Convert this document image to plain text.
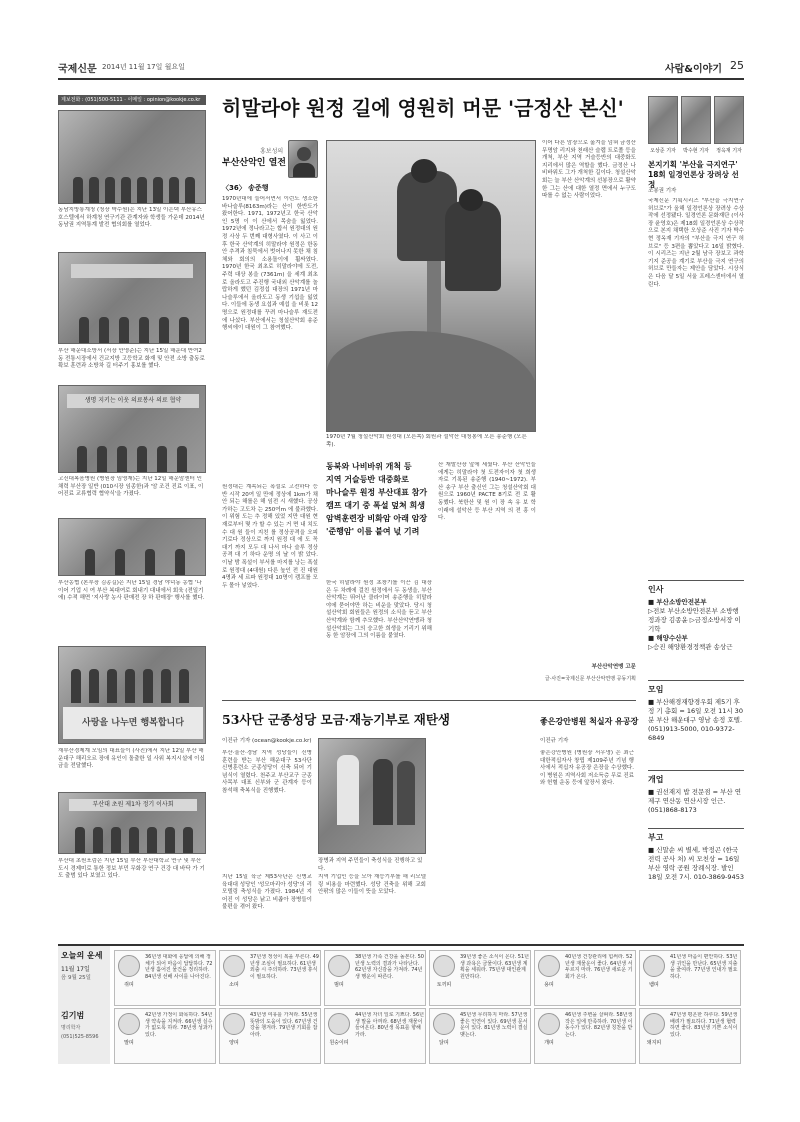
국제신문 2014년 11월 17일 월요일	사람&이야기 25
제보전화 : (051)500-5111 · 이메일 : opinion@kookje.co.kr
동남지방통계청 (청장 박수원)은 지난 13일 이은택 부산유스호스텔에서 하계청 연구기관 관계자와 학생들 가운데 2014년 동남권 지역통계 발전 협의회를 열었다.
부산 해운대소방서 (서장 안영준)는 지난 15일 해운대 반여2동 전통시장에서 건교지방 고등학교 화재 및 안전 소방 출동로 확보 훈련과 소방차 길 터주기 홍보를 했다.
생명 지키는 이웃 의료봉사 의료 협약
고신대복음병원 (병원장 임영재)는 지난 12일 해운암센터 인채력 부산장 일반 (010시장 임종한)과 '암 조건 진료 이표, 이어진료 교류협력 협약식'을 가졌다.
부산농협 (본부장 김종길)은 지난 15일 경남 야덕동 농협 '나이어 기업 시 여 부산 복대여로 회내기 대내에서 회육 (전일기에) 수적 해면 '지사랑 농사 판매전 장 하 판매장' 행사를 했다.
사랑을 나누면 행복합니다
재부산경제계 모임의 대표들이 (사진)에서 지난 12일 부산 해운대구 해리오르 장애 유인이 돌출한 일 사위 복지시설에 이십 금을 전달했다.
부산대 초원 제1차 정기 이사회
부산대 초원포럼은 지난 15일 부산 부산대학교 연구 및 부산도시 경제미로 통한 정보 부민 무화강 연구 건강 대 바닥 가 기도 출범 있다 보였고 있다.
히말라야 원정 길에 영원히 머문 '금정산 본신'
홍보성의
부산산악인 열전
〈36〉 송준행
1970년대에 들어서면서 이런도 생소한 바나슬루(8163m)라는 산이 한반도가 왔어한다. 1971, 1972년고 한국 산악인 5명 이 이 산에서 목숨을 잃었다. 1972년에 정나라고는 합서 원정대의 원정 사상 두 번째 대형사였다. 이 사고 이후 한국 산악계의 히말라야 원정은 한동안 추격과 침묵에서 벗어나지 못한 채 침체와 회의의 소용돌이에 휩싸였다. 1970년 한국 최초로 히말라야에 도전, 주력 대상 봉을 (7361m) 을 세계 최초로 올라도고 주진행 국내외 산악계를 놀랍하게 했던 김정섭 대장의 1971년 마나슬루에서 올라도고 동생 기섭을 잃었다. 이들에 동생 요섭과 예섭 을 비롯 12명으로 원정대를 꾸려 마나슬루 재도전에 나섰다. 부산에서는 청설산악회 송준행씨에이 대원이 그 참여했다.
원정대는 계속되는 폭설로 고전하다 등반 시작 20여 일 만에 정상에 1km가 채 안 되는 해를은 해 임전 시 새했다. 공상가하는 고도차 는 250여m 에 불과했다. 이 위험 도는 추 정해 있었 지만 대원 현재로부터 몇 가 할 수 있는 거 면 내 치도 수 대 원 들이 지친 를 정상공격을 오피 기로다 정상으로 까지 원정 대 에 도 꼭 대기 까지 모두 대 나서 마나 슬루 정상 공격 대 기 하다 운명 의 날 이 밝 았다. 이날 밤 폭설이 부서를 마지를 낭는 폭설로 원정대 (4대원) 다른 높인 전 진 대원 4명과 세 르파 원정대 10명이 캠프를 모두 몰아 넣었다.
1970년 7월 청설산악회 원정대 (오른쪽) 회원과 설악산 대청봉에 오른 송준행 (오른쪽).
동북와 나비바위 개척 등
지역 거슬등반 대중화로
마나슬루 원정 부산대표 참가
캠프 대기 중 폭설 덮쳐 희생
암벽훈련장 비화암 아래 암장
'준행암' 이름 붙여 넋 기려
한국 히말라야 원정 초창기를 이끈 김 대장은 두 차례에 걸친 원정에서 두 동생을, 부산 산악계는 뛰어난 클라이머 송준행을 히말라야에 묻어야만 하는 비운을 맞았다. 당시 청설산악회 회원들은 원정의 소식을 듣고 부산 산악계와 함께 추모했다. 부산산악연맹과 청설산악회는 그의 숭고한 희생을 기리기 위해 동 한 암장에 그의 이름을 붙였다.
산 재발산장 앞에 세웠다. 부산 산악인들에게는 히말라야 첫 도전자이자 첫 희생자로 기록된 송준행 (1940~1972). 부산 송구 부산 출신인 그는 청설산악회 대원으로 1960년 PACTE 8기로 전 로 활동했다. 북한산 및 원 이 장 속 유 보 학 이래에 설악산 등 부산 지역 의 전 흥 이 다.
이어 다른 암장으로 옮겨을 넘혀 금정산 무명암 리지와 천래산 슬랩 트로폴 등을 개척, 부산 지역 거슬등반의 대중화도 지리에서 많은 역할을 했다. 금정산 나비바위도 그가 개척한 길이다. 청설산악회는 늘 부산 산악계의 선봉장으로 활약한 그는 산에 대한 열정 면에서 누구도 따를 수 없는 사람이었다.
부산산악연맹 고문
글·사진=국제신문 부산산악연맹 공동기획
53사단 군종성당 모금·재능기부로 재탄생
이진규 기자 (ocean@kookje.co.kr)
부산·울산·경남 지역 성당들이 신병 훈련을 받는 부산 해운대구 53사단 신병훈련소 군종성당이 신축 되어 기념식이 열렸다. 천주교 부산교구 군종 사목부 대표 신부와 군 관계자 등이 참석해 축복식을 진행했다.
지난 15일 육군 제53사단은 신병교육대대 성당인 '성모마리아 성당'의 리모델링 축성식을 가졌다. 1984년 지어진 이 성당은 낡고 비좁아 장병들이 불편을 겪어 왔다.
장병과 지역 주민들이 축성식을 진행하고 있다.
지역 기업인 등을 모아 재능기부를 해 리모델링 비용을 마련했다. 성당 건축을 위해 교회 안팎의 많은 이들이 뜻을 모았다.
좋은강안병원 척실자 유공장
이진규 기자
좋은강안병원 (병원장 서우영) 은 최근 대한적십자사 창립 제109주년 기념 행사에서 적십자 유공장 은장을 수상했다. 이 병원은 지역사회 저소득층 무료 진료와 헌혈 운동 등에 앞장서 왔다.
오상준 기자	박수현 기자	정옥재 기자
본지기획 '부산을 극지연구' 18회 일경언론상 장려상 선정
조봉권 기자
국제신문 기획시리즈 "부산을 극지연구 허브로"가 올해 일경언론상 장려상 수상작에 선정됐다. 일경언론 문화재단 (이사장 윤영호)은 제18회 일경언론상 수상작으로 본지 채택한 오상준 사진 기자 박수현 정옥재 기자의 "부산을 극지 연구 허브로" 등 3편을 뽑았다고 16일 밝혔다. 이 시리즈는 지난 2월 남극 장보고 과학기지 준공을 계기로 부산을 극지 연구의 허브로 만들자는 제안을 담았다. 시상식은 다음 달 5일 서울 프레스센터에서 열린다.
인사
■ 부산소방안전본부
▷전보 부산소방안전본부 소방행정과장 김종윤 ▷금정소방서장 이기학
■ 해양수산부
▷승진 해양환경정책관 송상근
모임
■ 부산해경재향경우회 제5기 후 정 기 총회 = 16일 오전 11시 30분 부산 해운대구 영남 송정 호텔. (051)913-5000, 010-9372-6849
개업
■ 권선재지 밥 전문점 = 부산 연제구 연산동 연산시장 인근. (051)868-8173
부고
■ 신말순 씨 별세, 박정곤 (한국 전력 공사 처) 씨 모친상 = 16일 부산 영락 공원 장례식장. 발인 18일 오전 7시. 010-3869-9453
오늘의 운세
11월 17일
음 9월 25일
김기범
명리학자
(051)525-8596
쥐띠
36년생 대화에 응답에 의해 정 체가 되어 마음이 답답하다. 72년생 흩어진 물건을 정리하라. 84년생 선배 사이를 나아진다.
소띠
37년생 정성이 복을 부른다. 49년생 조심이 필요하다. 61년생 외출 시 주의하라. 73년생 휴식이 필요하다.
범띠
38년생 가족 건강을 돌본다. 50년생 노력의 결과가 나타난다. 62년생 자신감을 가져라. 74년생 행운이 따른다.
토끼띠
39년생 좋은 소식이 온다. 51년생 과욕은 금물이다. 63년생 계획을 세워라. 75년생 대인관계 원만하다.
용띠
40년생 건강관리에 힘써라. 52년생 재물운이 좋다. 64년생 서두르지 마라. 76년생 새로운 기회가 온다.
뱀띠
41년생 마음이 편안하다. 53년생 귀인을 만난다. 65년생 지출을 줄여라. 77년생 인내가 필요하다.
말띠
42년생 가정이 화목하다. 54년생 약속을 지켜라. 66년생 실수가 없도록 하라. 78년생 성과가 있다.
양띠
43년생 여유를 가져라. 55년생 뜻밖의 도움이 있다. 67년생 건강을 챙겨라. 79년생 기회를 잡아라.
원숭이띠
44년생 자녀 일로 기쁘다. 56년생 말을 아껴라. 68년생 재물이 들어온다. 80년생 목표를 향해 가라.
닭띠
45년생 무리하지 마라. 57년생 좋은 인연이 있다. 69년생 문서운이 있다. 81년생 노력이 결실 맺는다.
개띠
46년생 주변을 살펴라. 58년생 작은 일에 만족하라. 70년생 이동수가 있다. 82년생 칭찬을 받는다.
돼지띠
47년생 평온한 하루다. 59년생 배려가 필요하다. 71년생 협력하면 좋다. 83년생 기쁜 소식이 있다.
